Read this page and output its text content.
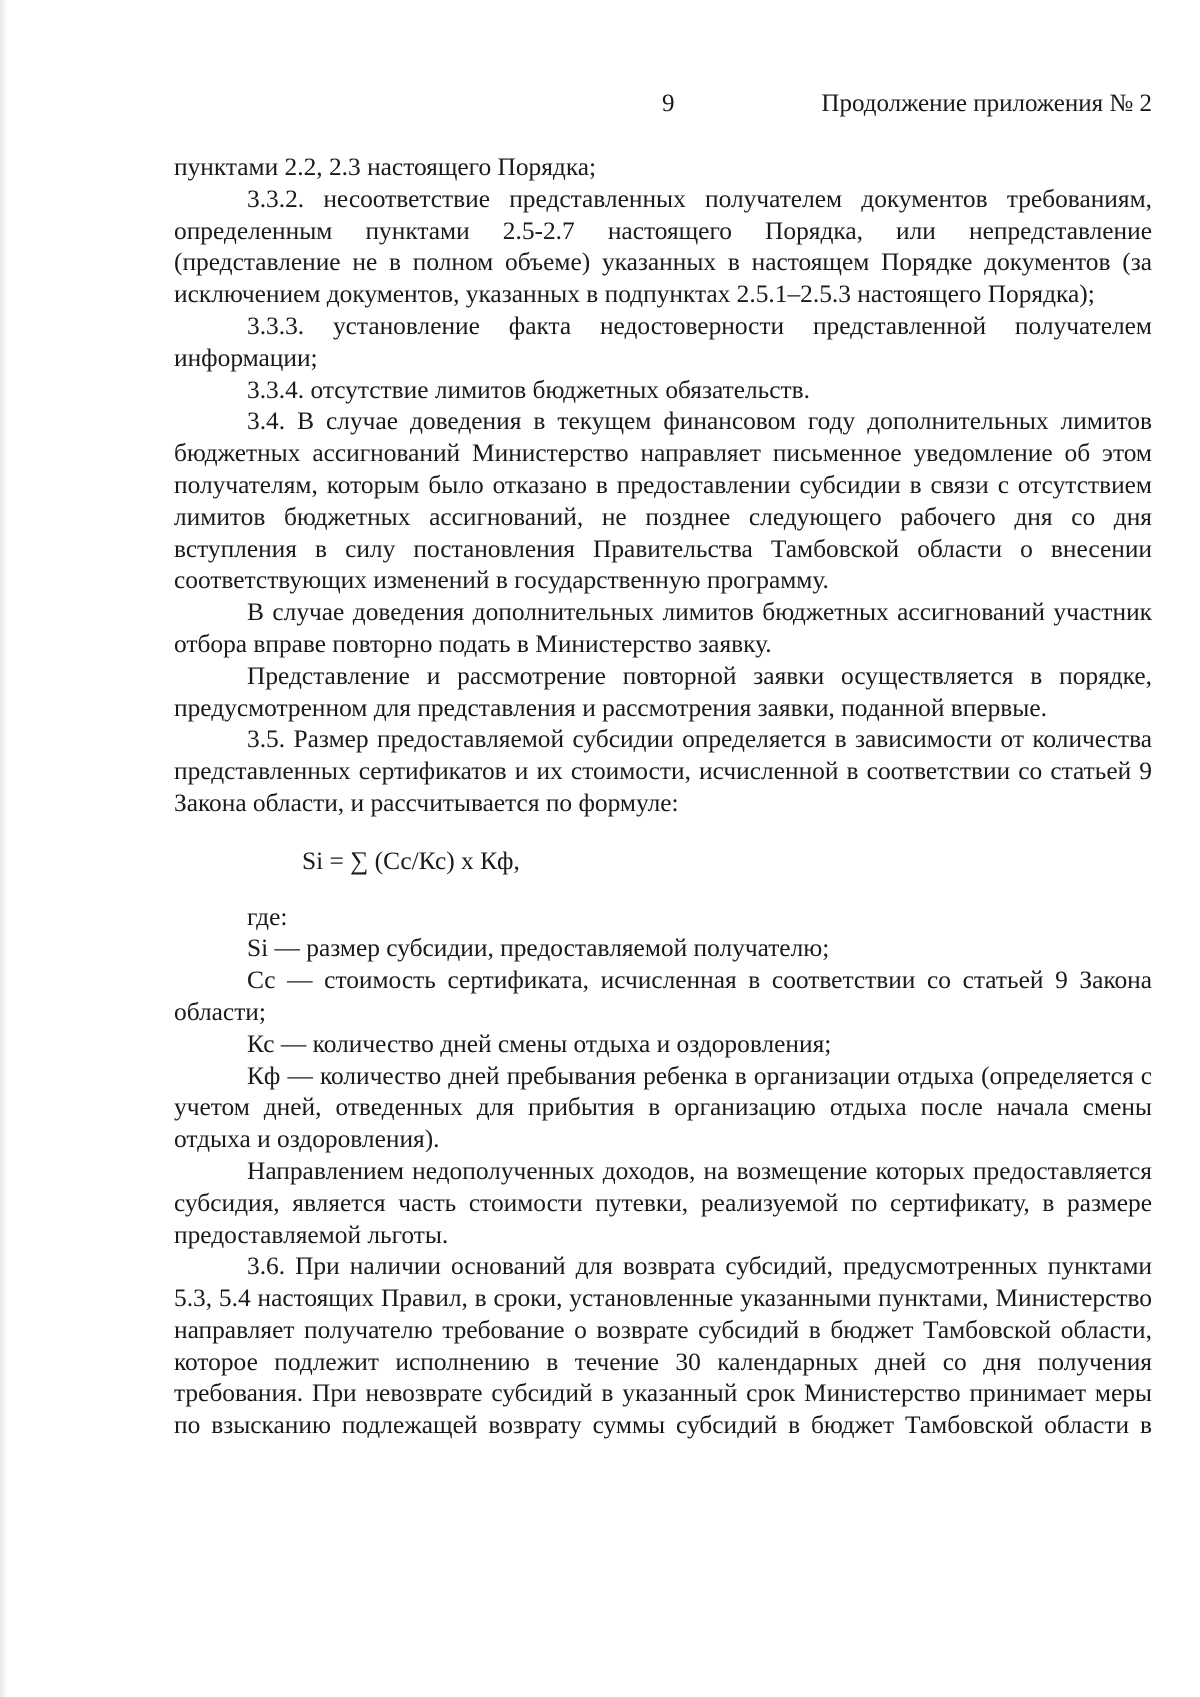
9	Продолжение приложения № 2

пунктами 2.2, 2.3 настоящего Порядка;

3.3.2. несоответствие представленных получателем документов требованиям, определенным пунктами 2.5-2.7 настоящего Порядка, или непредставление (представление не в полном объеме) указанных в настоящем Порядке документов (за исключением документов, указанных в подпунктах 2.5.1–2.5.3 настоящего Порядка);

3.3.3. установление факта недостоверности представленной получателем информации;

3.3.4. отсутствие лимитов бюджетных обязательств.

3.4. В случае доведения в текущем финансовом году дополнительных лимитов бюджетных ассигнований Министерство направляет письменное уведомление об этом получателям, которым было отказано в предоставлении субсидии в связи с отсутствием лимитов бюджетных ассигнований, не позднее следующего рабочего дня со дня вступления в силу постановления Правительства Тамбовской области о внесении соответствующих изменений в государственную программу.

В случае доведения дополнительных лимитов бюджетных ассигнований участник отбора вправе повторно подать в Министерство заявку.

Представление и рассмотрение повторной заявки осуществляется в порядке, предусмотренном для представления и рассмотрения заявки, поданной впервые.

3.5. Размер предоставляемой субсидии определяется в зависимости от количества представленных сертификатов и их стоимости, исчисленной в соответствии со статьей 9 Закона области, и рассчитывается по формуле:

Si = ∑ (Сс/Кс) х Кф,

где:

Si — размер субсидии, предоставляемой получателю;

Сс — стоимость сертификата, исчисленная в соответствии со статьей 9 Закона области;

Кс — количество дней смены отдыха и оздоровления;

Кф — количество дней пребывания ребенка в организации отдыха (определяется с учетом дней, отведенных для прибытия в организацию отдыха после начала смены отдыха и оздоровления).

Направлением недополученных доходов, на возмещение которых предоставляется субсидия, является часть стоимости путевки, реализуемой по сертификату, в размере предоставляемой льготы.

3.6. При наличии оснований для возврата субсидий, предусмотренных пунктами 5.3, 5.4 настоящих Правил, в сроки, установленные указанными пунктами, Министерство направляет получателю требование о возврате субсидий в бюджет Тамбовской области, которое подлежит исполнению в течение 30 календарных дней со дня получения требования. При невозврате субсидий в указанный срок Министерство принимает меры по взысканию подлежащей возврату суммы субсидий в бюджет Тамбовской области в
